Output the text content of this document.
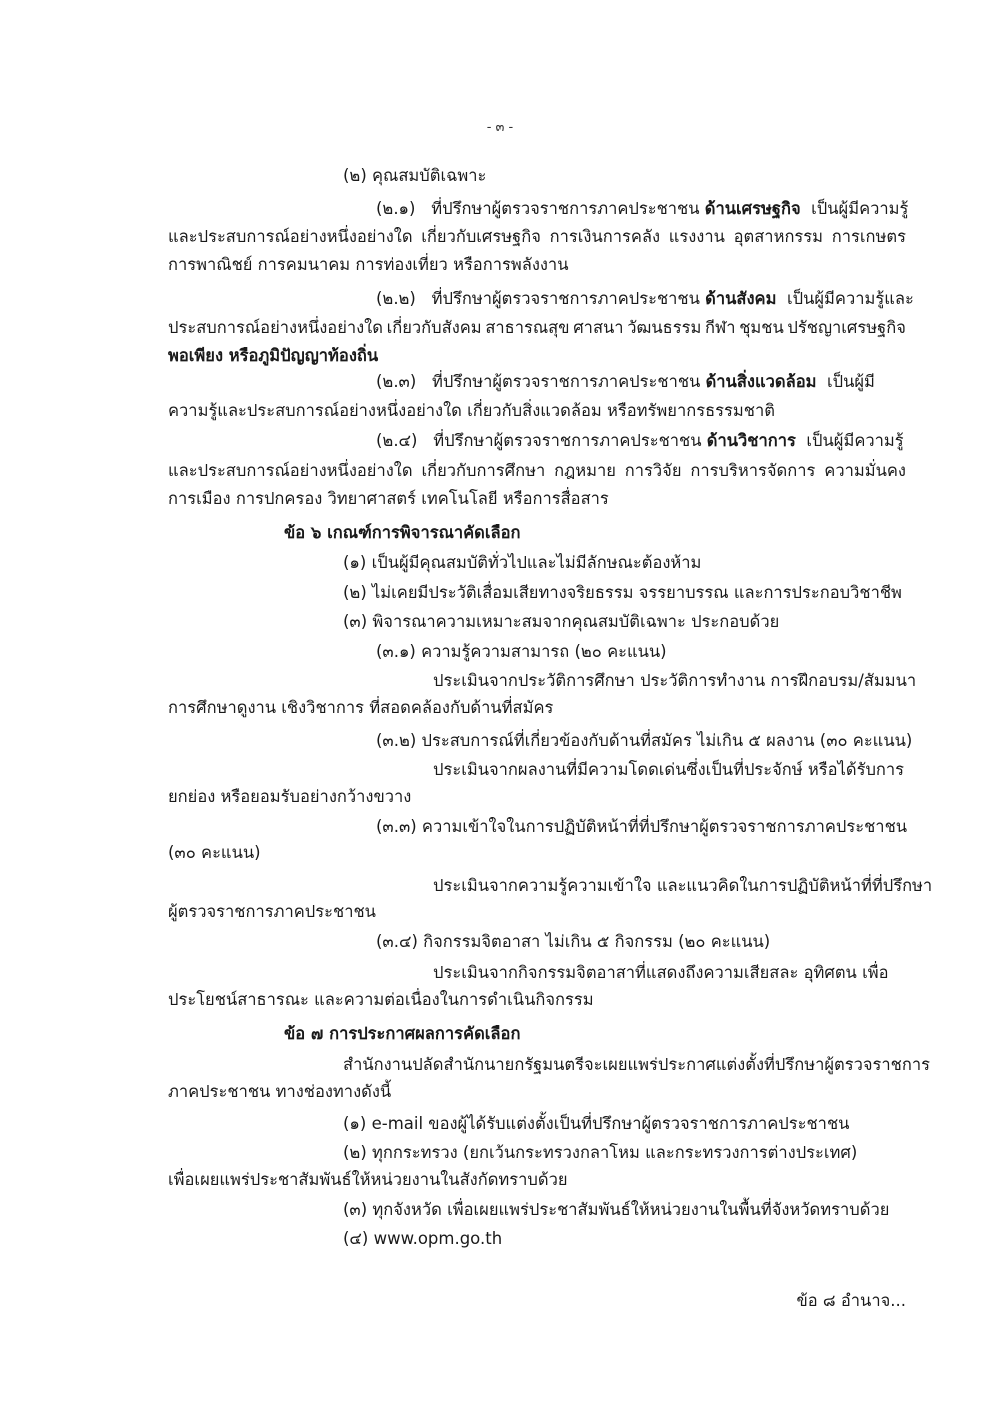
- ๓ -
(๒) คุณสมบัติเฉพาะ
(๒.๑) ที่ปรึกษาผู้ตรวจราชการภาคประชาชน ด้านเศรษฐกิจ เป็นผู้มีความรู้
และประสบการณ์อย่างหนึ่งอย่างใด เกี่ยวกับเศรษฐกิจ การเงินการคลัง แรงงาน อุตสาหกรรม การเกษตร
การพาณิชย์ การคมนาคม การท่องเที่ยว หรือการพลังงาน
(๒.๒) ที่ปรึกษาผู้ตรวจราชการภาคประชาชน ด้านสังคม เป็นผู้มีความรู้และ
ประสบการณ์อย่างหนึ่งอย่างใด เกี่ยวกับสังคม สาธารณสุข ศาสนา วัฒนธรรม กีฬา ชุมชน ปรัชญาเศรษฐกิจ
พอเพียง หรือภูมิปัญญาท้องถิ่น
(๒.๓) ที่ปรึกษาผู้ตรวจราชการภาคประชาชน ด้านสิ่งแวดล้อม เป็นผู้มี
ความรู้และประสบการณ์อย่างหนึ่งอย่างใด เกี่ยวกับสิ่งแวดล้อม หรือทรัพยากรธรรมชาติ
(๒.๔) ที่ปรึกษาผู้ตรวจราชการภาคประชาชน ด้านวิชาการ เป็นผู้มีความรู้
และประสบการณ์อย่างหนึ่งอย่างใด เกี่ยวกับการศึกษา กฎหมาย การวิจัย การบริหารจัดการ ความมั่นคง
การเมือง การปกครอง วิทยาศาสตร์ เทคโนโลยี หรือการสื่อสาร
ข้อ ๖ เกณฑ์การพิจารณาคัดเลือก
(๑) เป็นผู้มีคุณสมบัติทั่วไปและไม่มีลักษณะต้องห้าม
(๒) ไม่เคยมีประวัติเสื่อมเสียทางจริยธรรม จรรยาบรรณ และการประกอบวิชาชีพ
(๓) พิจารณาความเหมาะสมจากคุณสมบัติเฉพาะ ประกอบด้วย
(๓.๑) ความรู้ความสามารถ (๒๐ คะแนน)
ประเมินจากประวัติการศึกษา ประวัติการทำงาน การฝึกอบรม/สัมมนา
การศึกษาดูงาน เชิงวิชาการ ที่สอดคล้องกับด้านที่สมัคร
(๓.๒) ประสบการณ์ที่เกี่ยวข้องกับด้านที่สมัคร ไม่เกิน ๕ ผลงาน (๓๐ คะแนน)
ประเมินจากผลงานที่มีความโดดเด่นซึ่งเป็นที่ประจักษ์ หรือได้รับการ
ยกย่อง หรือยอมรับอย่างกว้างขวาง
(๓.๓) ความเข้าใจในการปฏิบัติหน้าที่ที่ปรึกษาผู้ตรวจราชการภาคประชาชน
(๓๐ คะแนน)
ประเมินจากความรู้ความเข้าใจ และแนวคิดในการปฏิบัติหน้าที่ที่ปรึกษา
ผู้ตรวจราชการภาคประชาชน
(๓.๔) กิจกรรมจิตอาสา ไม่เกิน ๕ กิจกรรม (๒๐ คะแนน)
ประเมินจากกิจกรรมจิตอาสาที่แสดงถึงความเสียสละ อุทิศตน เพื่อ
ประโยชน์สาธารณะ และความต่อเนื่องในการดำเนินกิจกรรม
ข้อ ๗ การประกาศผลการคัดเลือก
สำนักงานปลัดสำนักนายกรัฐมนตรีจะเผยแพร่ประกาศแต่งตั้งที่ปรึกษาผู้ตรวจราชการ
ภาคประชาชน ทางช่องทางดังนี้
(๑) e-mail ของผู้ได้รับแต่งตั้งเป็นที่ปรึกษาผู้ตรวจราชการภาคประชาชน
(๒) ทุกกระทรวง (ยกเว้นกระทรวงกลาโหม และกระทรวงการต่างประเทศ)
เพื่อเผยแพร่ประชาสัมพันธ์ให้หน่วยงานในสังกัดทราบด้วย
(๓) ทุกจังหวัด เพื่อเผยแพร่ประชาสัมพันธ์ให้หน่วยงานในพื้นที่จังหวัดทราบด้วย
(๔) www.opm.go.th
ข้อ ๘ อำนาจ...
